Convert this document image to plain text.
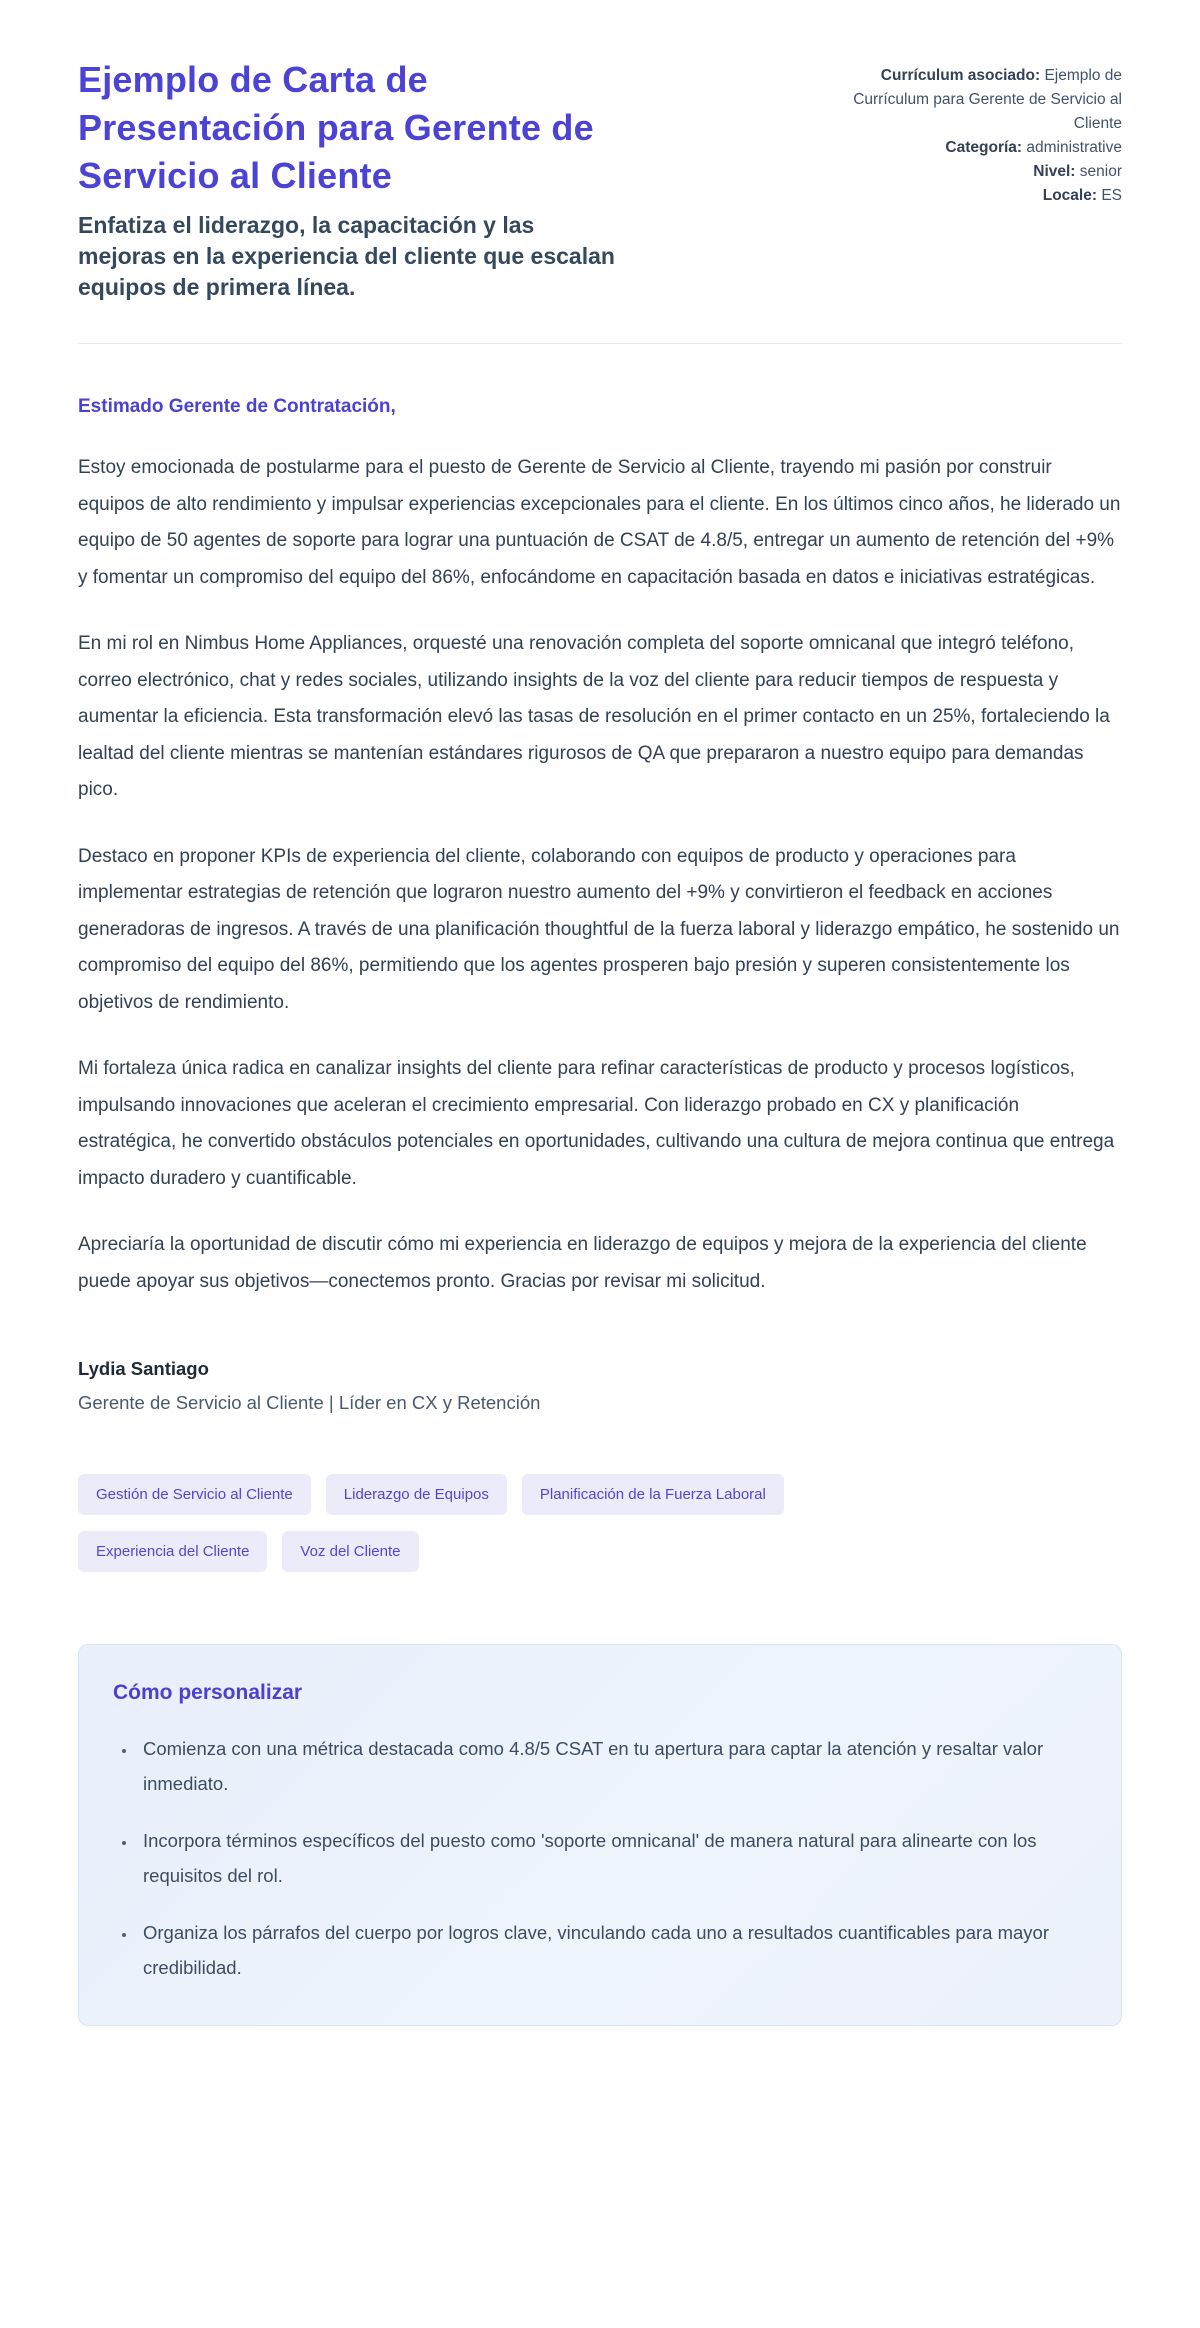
Ejemplo de Carta de Presentación para Gerente de Servicio al Cliente
Enfatiza el liderazgo, la capacitación y las mejoras en la experiencia del cliente que escalan equipos de primera línea.
Currículum asociado: Ejemplo de Currículum para Gerente de Servicio al Cliente
Categoría: administrative
Nivel: senior
Locale: ES

Estimado Gerente de Contratación,

Estoy emocionada de postularme para el puesto de Gerente de Servicio al Cliente, trayendo mi pasión por construir equipos de alto rendimiento y impulsar experiencias excepcionales para el cliente. En los últimos cinco años, he liderado un equipo de 50 agentes de soporte para lograr una puntuación de CSAT de 4.8/5, entregar un aumento de retención del +9% y fomentar un compromiso del equipo del 86%, enfocándome en capacitación basada en datos e iniciativas estratégicas.

En mi rol en Nimbus Home Appliances, orquesté una renovación completa del soporte omnicanal que integró teléfono, correo electrónico, chat y redes sociales, utilizando insights de la voz del cliente para reducir tiempos de respuesta y aumentar la eficiencia. Esta transformación elevó las tasas de resolución en el primer contacto en un 25%, fortaleciendo la lealtad del cliente mientras se mantenían estándares rigurosos de QA que prepararon a nuestro equipo para demandas pico.

Destaco en proponer KPIs de experiencia del cliente, colaborando con equipos de producto y operaciones para implementar estrategias de retención que lograron nuestro aumento del +9% y convirtieron el feedback en acciones generadoras de ingresos. A través de una planificación thoughtful de la fuerza laboral y liderazgo empático, he sostenido un compromiso del equipo del 86%, permitiendo que los agentes prosperen bajo presión y superen consistentemente los objetivos de rendimiento.

Mi fortaleza única radica en canalizar insights del cliente para refinar características de producto y procesos logísticos, impulsando innovaciones que aceleran el crecimiento empresarial. Con liderazgo probado en CX y planificación estratégica, he convertido obstáculos potenciales en oportunidades, cultivando una cultura de mejora continua que entrega impacto duradero y cuantificable.

Apreciaría la oportunidad de discutir cómo mi experiencia en liderazgo de equipos y mejora de la experiencia del cliente puede apoyar sus objetivos—conectemos pronto. Gracias por revisar mi solicitud.

Lydia Santiago
Gerente de Servicio al Cliente | Líder en CX y Retención
Gestión de Servicio al Cliente	Liderazgo de Equipos	Planificación de la Fuerza Laboral
Experiencia del Cliente	Voz del Cliente
Cómo personalizar
• Comienza con una métrica destacada como 4.8/5 CSAT en tu apertura para captar la atención y resaltar valor inmediato.
• Incorpora términos específicos del puesto como 'soporte omnicanal' de manera natural para alinearte con los requisitos del rol.
• Organiza los párrafos del cuerpo por logros clave, vinculando cada uno a resultados cuantificables para mayor credibilidad.
